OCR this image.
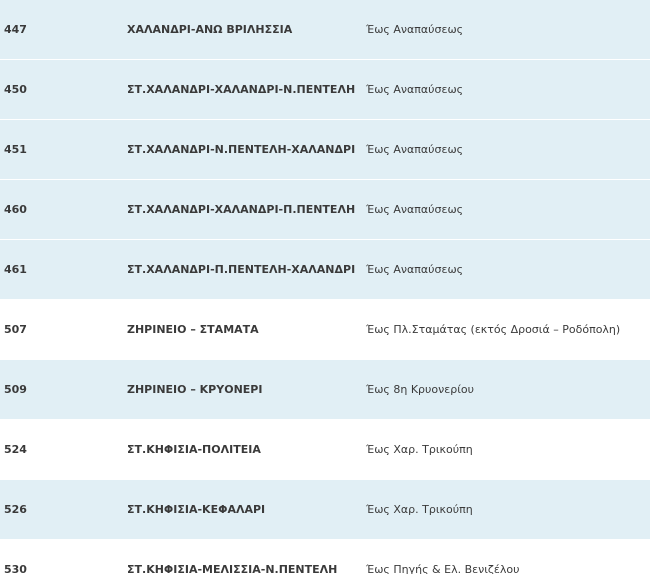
447	ΧΑΛΑΝΔΡΙ-ΑΝΩ ΒΡΙΛΗΣΣΙΑ	Έως Αναπαύσεως
450	ΣΤ.ΧΑΛΑΝΔΡΙ-ΧΑΛΑΝΔΡΙ-Ν.ΠΕΝΤΕΛΗ	Έως Αναπαύσεως
451	ΣΤ.ΧΑΛΑΝΔΡΙ-Ν.ΠΕΝΤΕΛΗ-ΧΑΛΑΝΔΡΙ	Έως Αναπαύσεως
460	ΣΤ.ΧΑΛΑΝΔΡΙ-ΧΑΛΑΝΔΡΙ-Π.ΠΕΝΤΕΛΗ	Έως Αναπαύσεως
461	ΣΤ.ΧΑΛΑΝΔΡΙ-Π.ΠΕΝΤΕΛΗ-ΧΑΛΑΝΔΡΙ	Έως Αναπαύσεως
507	ΖΗΡΙΝΕΙΟ – ΣΤΑΜΑΤΑ	Έως Πλ.Σταμάτας (εκτός Δροσιά – Ροδόπολη)
509	ΖΗΡΙΝΕΙΟ – ΚΡΥΟΝΕΡΙ	Έως 8η Κρυονερίου
524	ΣΤ.ΚΗΦΙΣΙΑ-ΠΟΛΙΤΕΙΑ	Έως Χαρ. Τρικούπη
526	ΣΤ.ΚΗΦΙΣΙΑ-ΚΕΦΑΛΑΡΙ	Έως Χαρ. Τρικούπη
530	ΣΤ.ΚΗΦΙΣΙΑ-ΜΕΛΙΣΣΙΑ-Ν.ΠΕΝΤΕΛΗ	Έως Πηγής & Ελ. Βενιζέλου
